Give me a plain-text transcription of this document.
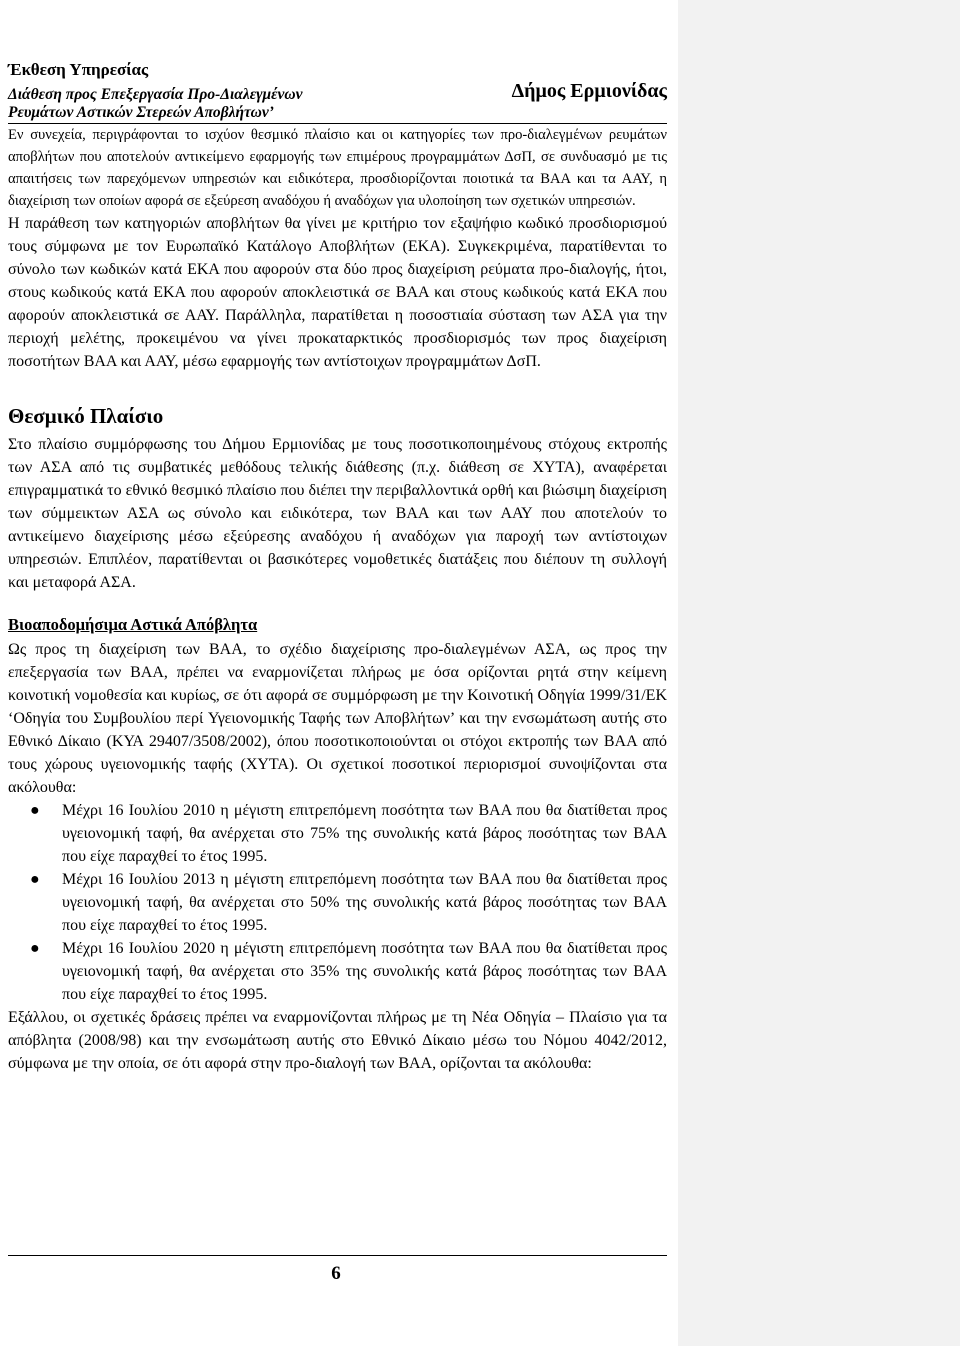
Έκθεση Υπηρεσίας
Διάθεση προς Επεξεργασία Προ-Διαλεγμένων
Ρευμάτων Αστικών Στερεών Αποβλήτων’
Δήμος Ερμιονίδας

Εν συνεχεία, περιγράφονται το ισχύον θεσμικό πλαίσιο και οι κατηγορίες των προ-διαλεγμένων ρευμάτων αποβλήτων που αποτελούν αντικείμενο εφαρμογής των επιμέρους προγραμμάτων ΔσΠ, σε συνδυασμό με τις απαιτήσεις των παρεχόμενων υπηρεσιών και ειδικότερα, προσδιορίζονται ποιοτικά τα ΒΑΑ και τα ΑΑΥ, η διαχείριση των οποίων αφορά σε εξεύρεση αναδόχου ή αναδόχων για υλοποίηση των σχετικών υπηρεσιών.

Η παράθεση των κατηγοριών αποβλήτων θα γίνει με κριτήριο τον εξαψήφιο κωδικό προσδιορισμού τους σύμφωνα με τον Ευρωπαϊκό Κατάλογο Αποβλήτων (ΕΚΑ). Συγκεκριμένα, παρατίθενται το σύνολο των κωδικών κατά ΕΚΑ που αφορούν στα δύο προς διαχείριση ρεύματα προ-διαλογής, ήτοι, στους κωδικούς κατά ΕΚΑ που αφορούν αποκλειστικά σε ΒΑΑ και στους κωδικούς κατά ΕΚΑ που αφορούν αποκλειστικά σε ΑΑΥ. Παράλληλα, παρατίθεται η ποσοστιαία σύσταση των ΑΣΑ για την περιοχή μελέτης, προκειμένου να γίνει προκαταρκτικός προσδιορισμός των προς διαχείριση ποσοτήτων ΒΑΑ και ΑΑΥ, μέσω εφαρμογής των αντίστοιχων προγραμμάτων ΔσΠ.

Θεσμικό Πλαίσιο

Στο πλαίσιο συμμόρφωσης του Δήμου Ερμιονίδας με τους ποσοτικοποιημένους στόχους εκτροπής των ΑΣΑ από τις συμβατικές μεθόδους τελικής διάθεσης (π.χ. διάθεση σε ΧΥΤΑ), αναφέρεται επιγραμματικά το εθνικό θεσμικό πλαίσιο που διέπει την περιβαλλοντικά ορθή και βιώσιμη διαχείριση των σύμμεικτων ΑΣΑ ως σύνολο και ειδικότερα, των ΒΑΑ και των ΑΑΥ που αποτελούν το αντικείμενο διαχείρισης μέσω εξεύρεσης αναδόχου ή αναδόχων για παροχή των αντίστοιχων υπηρεσιών. Επιπλέον, παρατίθενται οι βασικότερες νομοθετικές διατάξεις που διέπουν τη συλλογή και μεταφορά ΑΣΑ.

Βιοαποδομήσιμα Αστικά Απόβλητα

Ως προς τη διαχείριση των ΒΑΑ, το σχέδιο διαχείρισης προ-διαλεγμένων ΑΣΑ, ως προς την επεξεργασία των ΒΑΑ, πρέπει να εναρμονίζεται πλήρως με όσα ορίζονται ρητά στην κείμενη κοινοτική νομοθεσία και κυρίως, σε ότι αφορά σε συμμόρφωση με την Κοινοτική Οδηγία 1999/31/ΕΚ ‘Οδηγία του Συμβουλίου περί Υγειονομικής Ταφής των Αποβλήτων’ και την ενσωμάτωση αυτής στο Εθνικό Δίκαιο (ΚΥΑ 29407/3508/2002), όπου ποσοτικοποιούνται οι στόχοι εκτροπής των ΒΑΑ από τους χώρους υγειονομικής ταφής (ΧΥΤΑ). Οι σχετικοί ποσοτικοί περιορισμοί συνοψίζονται στα ακόλουθα:

● Μέχρι 16 Ιουλίου 2010 η μέγιστη επιτρεπόμενη ποσότητα των ΒΑΑ που θα διατίθεται προς υγειονομική ταφή, θα ανέρχεται στο 75% της συνολικής κατά βάρος ποσότητας των ΒΑΑ που είχε παραχθεί το έτος 1995.
● Μέχρι 16 Ιουλίου 2013 η μέγιστη επιτρεπόμενη ποσότητα των ΒΑΑ που θα διατίθεται προς υγειονομική ταφή, θα ανέρχεται στο 50% της συνολικής κατά βάρος ποσότητας των ΒΑΑ που είχε παραχθεί το έτος 1995.
● Μέχρι 16 Ιουλίου 2020 η μέγιστη επιτρεπόμενη ποσότητα των ΒΑΑ που θα διατίθεται προς υγειονομική ταφή, θα ανέρχεται στο 35% της συνολικής κατά βάρος ποσότητας των ΒΑΑ που είχε παραχθεί το έτος 1995.

Εξάλλου, οι σχετικές δράσεις πρέπει να εναρμονίζονται πλήρως με τη Νέα Οδηγία – Πλαίσιο για τα απόβλητα (2008/98) και την ενσωμάτωση αυτής στο Εθνικό Δίκαιο μέσω του Νόμου 4042/2012, σύμφωνα με την οποία, σε ότι αφορά στην προ-διαλογή των ΒΑΑ, ορίζονται τα ακόλουθα:

6
